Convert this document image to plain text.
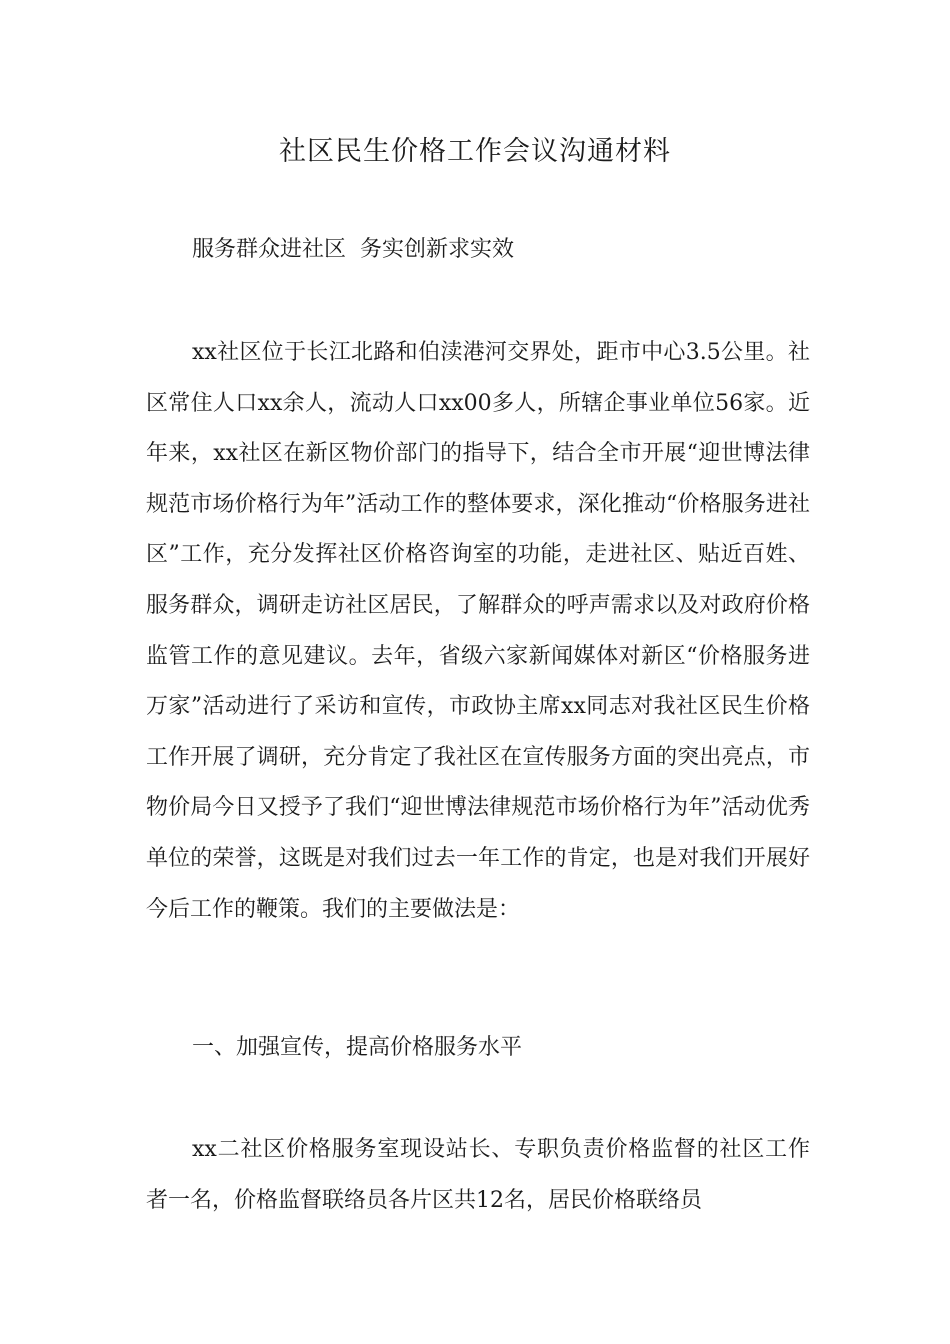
社区民生价格工作会议沟通材料

服务群众进社区  务实创新求实效

xx社区位于长江北路和伯渎港河交界处，距市中心3.5公里。社区常住人口xx余人，流动人口xx00多人，所辖企事业单位56家。近年来，xx社区在新区物价部门的指导下，结合全市开展“迎世博法律规范市场价格行为年”活动工作的整体要求，深化推动“价格服务进社区”工作，充分发挥社区价格咨询室的功能，走进社区、贴近百姓、服务群众，调研走访社区居民，了解群众的呼声需求以及对政府价格监管工作的意见建议。去年，省级六家新闻媒体对新区“价格服务进万家”活动进行了采访和宣传，市政协主席xx同志对我社区民生价格工作开展了调研，充分肯定了我社区在宣传服务方面的突出亮点，市物价局今日又授予了我们“迎世博法律规范市场价格行为年”活动优秀单位的荣誉，这既是对我们过去一年工作的肯定，也是对我们开展好今后工作的鞭策。我们的主要做法是：

一、加强宣传，提高价格服务水平

xx二社区价格服务室现设站长、专职负责价格监督的社区工作者一名，价格监督联络员各片区共12名，居民价格联络员
